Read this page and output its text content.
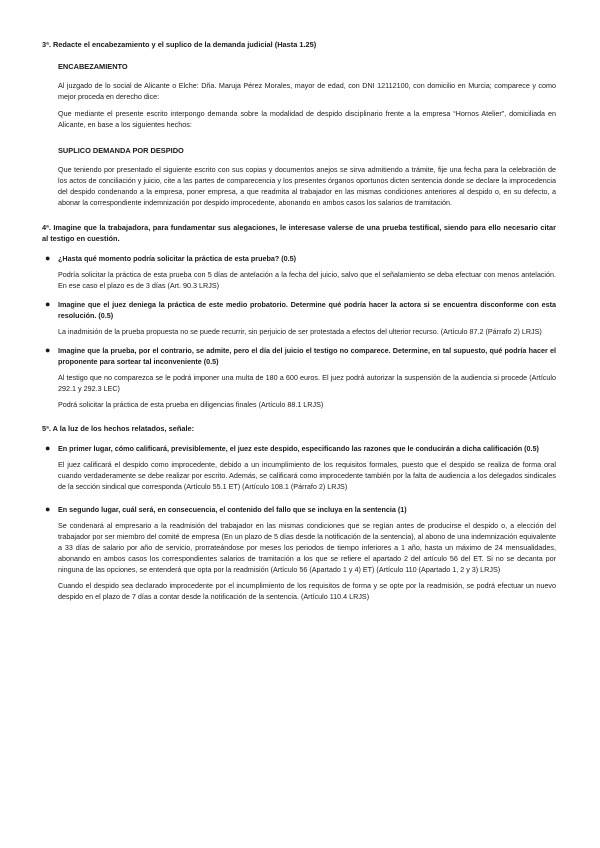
3ª. Redacte el encabezamiento y el suplico de la demanda judicial (Hasta 1.25)

ENCABEZAMIENTO

Al juzgado de lo social de Alicante o Elche: Dña. Maruja Pérez Morales, mayor de edad, con DNI 12112100, con domicilio en Murcia; comparece y como mejor proceda en derecho dice:

Que mediante el presente escrito interpongo demanda sobre la modalidad de despido disciplinario frente a la empresa “Hornos Atelier”, domiciliada en Alicante, en base a los siguientes hechos:

SUPLICO DEMANDA POR DESPIDO

Que teniendo por presentado el siguiente escrito con sus copias y documentos anejos se sirva admitiendo a trámite, fije una fecha para la celebración de los actos de conciliación y juicio, cite a las partes de comparecencia y los presentes órganos oportunos dicten sentencia donde se declare la improcedencia del despido condenando a la empresa, poner empresa, a que readmita al trabajador en las mismas condiciones anteriores al despido o, en su defecto, a abonar la correspondiente indemnización por despido improcedente, abonando en ambos casos los salarios de tramitación.

4ª. Imagine que la trabajadora, para fundamentar sus alegaciones, le interesase valerse de una prueba testifical, siendo para ello necesario citar al testigo en cuestión.

● ¿Hasta qué momento podría solicitar la práctica de esta prueba? (0.5)

Podría solicitar la práctica de esta prueba con 5 días de antelación a la fecha del juicio, salvo que el señalamiento se deba efectuar con menos antelación. En ese caso el plazo es de 3 días (Art. 90.3 LRJS)

● Imagine que el juez deniega la práctica de este medio probatorio. Determine qué podría hacer la actora si se encuentra disconforme con esta resolución. (0.5)

La inadmisión de la prueba propuesta no se puede recurrir, sin perjuicio de ser protestada a efectos del ulterior recurso. (Artículo 87.2 (Párrafo 2) LRJS)

● Imagine que la prueba, por el contrario, se admite, pero el día del juicio el testigo no comparece. Determine, en tal supuesto, qué podría hacer el proponente para sortear tal inconveniente (0.5)

Al testigo que no comparezca se le podrá imponer una multa de 180 a 600 euros. El juez podrá autorizar la suspensión de la audiencia si procede (Artículo 292.1 y 292.3 LEC)

Podrá solicitar la práctica de esta prueba en diligencias finales (Artículo 88.1 LRJS)

5ª. A la luz de los hechos relatados, señale:

● En primer lugar, cómo calificará, previsiblemente, el juez este despido, especificando las razones que le conducirán a dicha calificación (0.5)

El juez calificará el despido como improcedente, debido a un incumplimiento de los requisitos formales, puesto que el despido se realiza de forma oral cuando verdaderamente se debe realizar por escrito. Además, se calificará como improcedente también por la falta de audiencia a los delegados sindicales de la sección sindical que corresponda (Artículo 55.1 ET) (Artículo 108.1 (Párrafo 2) LRJS)

● En segundo lugar, cuál será, en consecuencia, el contenido del fallo que se incluya en la sentencia (1)

Se condenará al empresario a la readmisión del trabajador en las mismas condiciones que se regían antes de producirse el despido o, a elección del trabajador por ser miembro del comité de empresa (En un plazo de 5 días desde la notificación de la sentencia), al abono de una indemnización equivalente a 33 días de salario por año de servicio, prorrateándose por meses los periodos de tiempo inferiores a 1 año, hasta un máximo de 24 mensualidades, abonando en ambos casos los correspondientes salarios de tramitación a los que se refiere el apartado 2 del artículo 56 del ET. Si no se decanta por ninguna de las opciones, se entenderá que opta por la readmisión (Artículo 56 (Apartado 1 y 4) ET) (Artículo 110 (Apartado 1, 2 y 3) LRJS)

Cuando el despido sea declarado improcedente por el incumplimiento de los requisitos de forma y se opte por la readmisión, se podrá efectuar un nuevo despido en el plazo de 7 días a contar desde la notificación de la sentencia. (Artículo 110.4 LRJS)
